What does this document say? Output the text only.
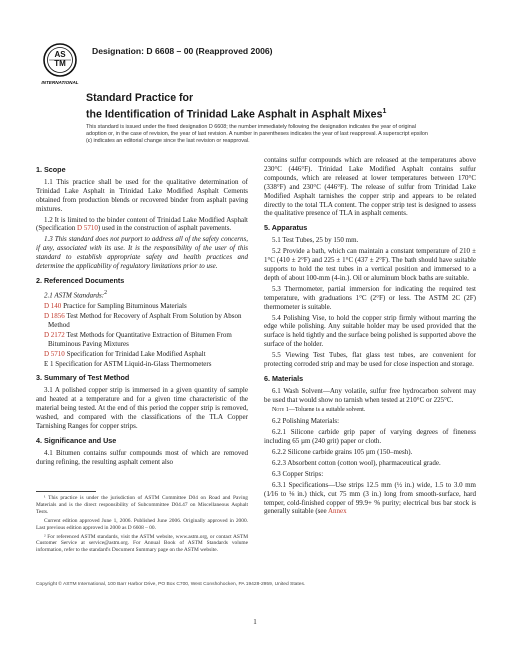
AS
TM
INTERNATIONAL
Designation: D 6608 – 00 (Reapproved 2006)
Standard Practice for
the Identification of Trinidad Lake Asphalt in Asphalt Mixes$^1$
This standard is issued under the fixed designation D 6608; the number immediately following the designation indicates the year of original adoption or, in the case of revision, the year of last revision. A number in parentheses indicates the year of last reapproval. A superscript epsilon (ε) indicates an editorial change since the last revision or reapproval.
1. Scope

1.1 This practice shall be used for the qualitative determination of Trinidad Lake Asphalt in Trinidad Lake Modified Asphalt Cements obtained from production blends or recovered binder from asphalt paving mixtures.

1.2 It is limited to the binder content of Trinidad Lake Modified Asphalt (Specification D 5710) used in the construction of asphalt pavements.

1.3 This standard does not purport to address all of the safety concerns, if any, associated with its use. It is the responsibility of the user of this standard to establish appropriate safety and health practices and determine the applicability of regulatory limitations prior to use.

2. Referenced Documents

2.1 ASTM Standards:$^2$

D 140 Practice for Sampling Bituminous Materials
D 1856 Test Method for Recovery of Asphalt From Solution by Abson Method
D 2172 Test Methods for Quantitative Extraction of Bitumen From Bituminous Paving Mixtures
D 5710 Specification for Trinidad Lake Modified Asphalt
E 1 Specification for ASTM Liquid-in-Glass Thermometers
3. Summary of Test Method

3.1 A polished copper strip is immersed in a given quantity of sample and heated at a temperature and for a given time characteristic of the material being tested. At the end of this period the copper strip is removed, washed, and compared with the classifications of the TLA Copper Tarnishing Ranges for copper strips.

4. Significance and Use

4.1 Bitumen contains sulfur compounds most of which are removed during refining, the resulting asphalt cement also

¹ This practice is under the jurisdiction of ASTM Committee D04 on Road and Paving Materials and is the direct responsibility of Subcommittee D04.47 on Miscellaneous Asphalt Tests.

Current edition approved June 1, 2006. Published June 2006. Originally approved in 2000. Last previous edition approved in 2000 as D 6608 – 00.

² For referenced ASTM standards, visit the ASTM website, www.astm.org, or contact ASTM Customer Service at service@astm.org. For Annual Book of ASTM Standards volume information, refer to the standard's Document Summary page on the ASTM website.

contains sulfur compounds which are released at the temperatures above 230°C (446°F). Trinidad Lake Modified Asphalt contains sulfur compounds, which are released at lower temperatures between 170°C (338°F) and 230°C (446°F). The release of sulfur from Trinidad Lake Modified Asphalt tarnishes the copper strip and appears to be related directly to the total TLA content. The copper strip test is designed to assess the qualitative presence of TLA in asphalt cements.

5. Apparatus

5.1 Test Tubes, 25 by 150 mm.

5.2 Provide a bath, which can maintain a constant temperature of 210 ± 1°C (410 ± 2°F) and 225 ± 1°C (437 ± 2°F). The bath should have suitable supports to hold the test tubes in a vertical position and immersed to a depth of about 100-mm (4-in.). Oil or aluminum block baths are suitable.

5.3 Thermometer, partial immersion for indicating the required test temperature, with graduations 1°C (2°F) or less. The ASTM 2C (2F) thermometer is suitable.

5.4 Polishing Vise, to hold the copper strip firmly without marring the edge while polishing. Any suitable holder may be used provided that the surface is held tightly and the surface being polished is supported above the surface of the holder.

5.5 Viewing Test Tubes, flat glass test tubes, are convenient for protecting corroded strip and may be used for close inspection and storage.

6. Materials

6.1 Wash Solvent—Any volatile, sulfur free hydrocarbon solvent may be used that would show no tarnish when tested at 210°C or 225°C.

Note 1—Toluene is a suitable solvent.

6.2 Polishing Materials:

6.2.1 Silicone carbide grip paper of varying degrees of fineness including 65 µm (240 grit) paper or cloth.

6.2.2 Silicone carbide grains 105 µm (150–mesh).

6.2.3 Absorbent cotton (cotton wool), pharmaceutical grade.

6.3 Copper Strips:

6.3.1 Specifications—Use strips 12.5 mm (½ in.) wide, 1.5 to 3.0 mm (1⁄16 to ⅛ in.) thick, cut 75 mm (3 in.) long from smooth-surface, hard temper, cold-finished copper of 99.9+ % purity; electrical bus bar stock is generally suitable (see Annex

Copyright © ASTM International, 100 Barr Harbor Drive, PO Box C700, West Conshohocken, PA 19428-2959, United States.
1
